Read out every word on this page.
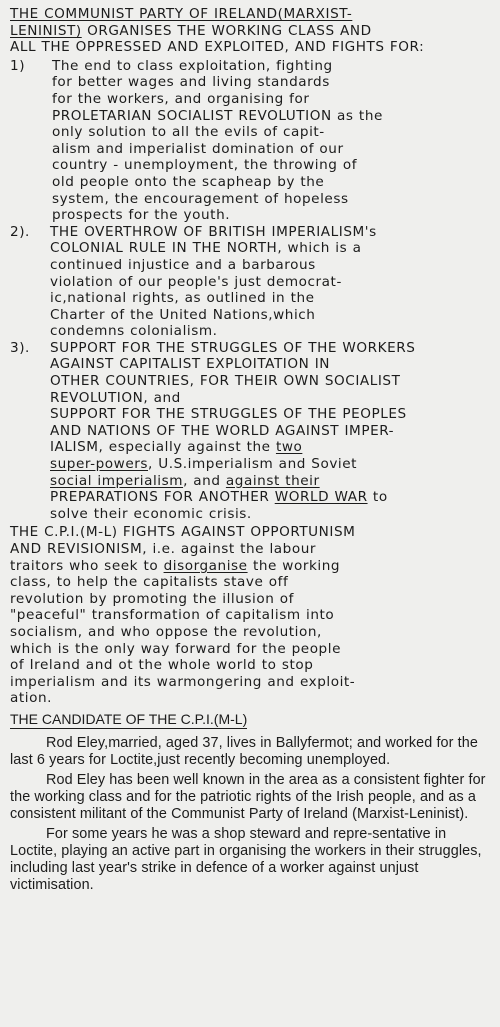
THE COMMUNIST PARTY OF IRELAND(MARXIST-
LENINIST) ORGANISES THE WORKING CLASS AND
ALL THE OPPRESSED AND EXPLOITED, AND FIGHTS FOR:
1)	The end to class exploitation, fighting
for better wages and living standards
for the workers, and organising for
PROLETARIAN SOCIALIST REVOLUTION as the
only solution to all the evils of capit-
alism and imperialist domination of our
country - unemployment, the throwing of
old people onto the scapheap by the
system, the encouragement of hopeless
prospects for the youth.
2).	THE OVERTHROW OF BRITISH IMPERIALISM's
COLONIAL RULE IN THE NORTH, which is a
continued injustice and a barbarous
violation of our people's just democrat-
ic,national rights, as outlined in the
Charter of the United Nations,which
condemns colonialism.
3).	SUPPORT FOR THE STRUGGLES OF THE WORKERS
AGAINST CAPITALIST EXPLOITATION IN
OTHER COUNTRIES, FOR THEIR OWN SOCIALIST
REVOLUTION, and
SUPPORT FOR THE STRUGGLES OF THE PEOPLES
AND NATIONS OF THE WORLD AGAINST IMPER-
IALISM, especially against the two
super-powers, U.S.imperialism and Soviet
social imperialism, and against their
PREPARATIONS FOR ANOTHER WORLD WAR to
solve their economic crisis.
THE C.P.I.(M-L) FIGHTS AGAINST OPPORTUNISM
AND REVISIONISM, i.e. against the labour
traitors who seek to disorganise the working
class, to help the capitalists stave off
revolution by promoting the illusion of
"peaceful" transformation of capitalism into
socialism, and who oppose the revolution,
which is the only way forward for the people
of Ireland and ot the whole world to stop
imperialism and its warmongering and exploit-
ation.
THE CANDIDATE OF THE C.P.I.(M-L)

Rod Eley,married, aged 37, lives in Ballyfermot; and worked for the last 6 years for Loctite,just recently becoming unemployed.

Rod Eley has been well known in the area as a consistent fighter for the working class and for the patriotic rights of the Irish people, and as a consistent militant of the Communist Party of Ireland (Marxist-Leninist).

For some years he was a shop steward and repre-sentative in Loctite, playing an active part in organising the workers in their struggles, including last year's strike in defence of a worker against unjust victimisation.
